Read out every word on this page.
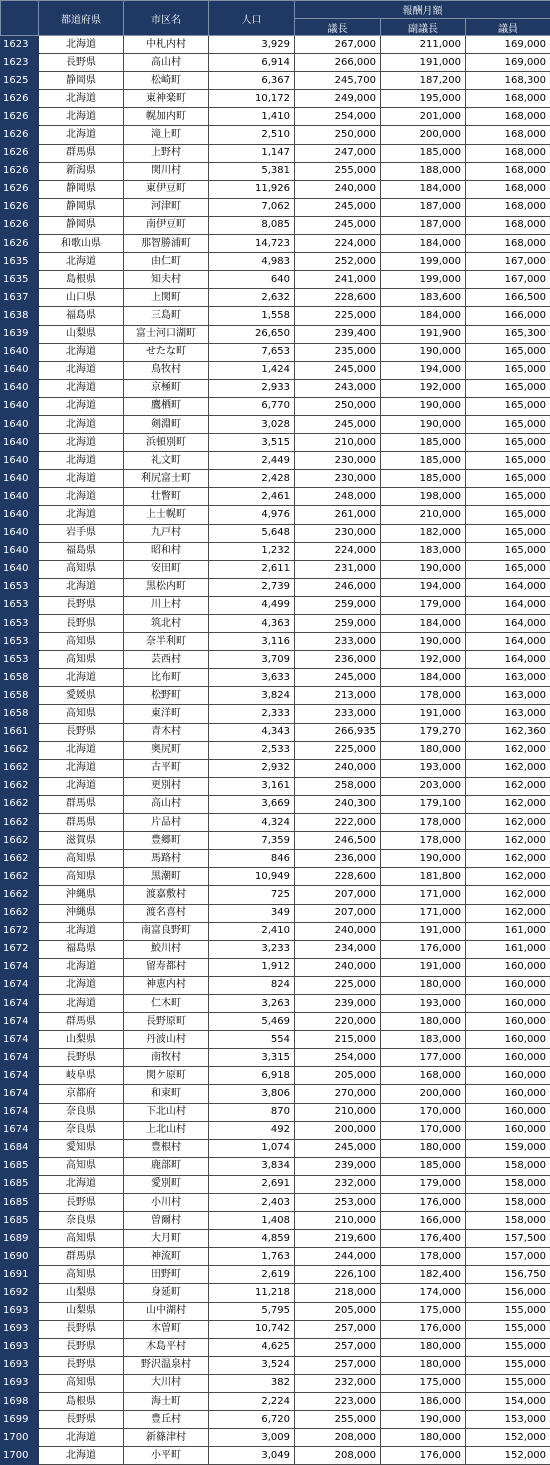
	都道府県	市区名	人口	報酬月額		
				議長	副議長	議員
1623	北海道	中札内村	3,929	267,000	211,000	169,000
1623	長野県	高山村	6,914	266,000	191,000	169,000
1625	静岡県	松崎町	6,367	245,700	187,200	168,300
1626	北海道	東神楽町	10,172	249,000	195,000	168,000
1626	北海道	幌加内町	1,410	254,000	201,000	168,000
1626	北海道	滝上町	2,510	250,000	200,000	168,000
1626	群馬県	上野村	1,147	247,000	185,000	168,000
1626	新潟県	関川村	5,381	255,000	188,000	168,000
1626	静岡県	東伊豆町	11,926	240,000	184,000	168,000
1626	静岡県	河津町	7,062	245,000	187,000	168,000
1626	静岡県	南伊豆町	8,085	245,000	187,000	168,000
1626	和歌山県	那智勝浦町	14,723	224,000	184,000	168,000
1635	北海道	由仁町	4,983	252,000	199,000	167,000
1635	島根県	知夫村	640	241,000	199,000	167,000
1637	山口県	上関町	2,632	228,600	183,600	166,500
1638	福島県	三島町	1,558	225,000	184,000	166,000
1639	山梨県	富士河口湖町	26,650	239,400	191,900	165,300
1640	北海道	せたな町	7,653	235,000	190,000	165,000
1640	北海道	鳥牧村	1,424	245,000	194,000	165,000
1640	北海道	京極町	2,933	243,000	192,000	165,000
1640	北海道	鷹栖町	6,770	250,000	190,000	165,000
1640	北海道	剣淵町	3,028	245,000	190,000	165,000
1640	北海道	浜頓別町	3,515	210,000	185,000	165,000
1640	北海道	礼文町	2,449	230,000	185,000	165,000
1640	北海道	利尻富士町	2,428	230,000	185,000	165,000
1640	北海道	壮瞥町	2,461	248,000	198,000	165,000
1640	北海道	上士幌町	4,976	261,000	210,000	165,000
1640	岩手県	九戸村	5,648	230,000	182,000	165,000
1640	福島県	昭和村	1,232	224,000	183,000	165,000
1640	高知県	安田町	2,611	231,000	190,000	165,000
1653	北海道	黒松内町	2,739	246,000	194,000	164,000
1653	長野県	川上村	4,499	259,000	179,000	164,000
1653	長野県	筑北村	4,363	259,000	184,000	164,000
1653	高知県	奈半利町	3,116	233,000	190,000	164,000
1653	高知県	芸西村	3,709	236,000	192,000	164,000
1658	北海道	比布町	3,633	245,000	184,000	163,000
1658	愛媛県	松野町	3,824	213,000	178,000	163,000
1658	高知県	東洋町	2,333	233,000	191,000	163,000
1661	長野県	青木村	4,343	266,935	179,270	162,360
1662	北海道	奥尻町	2,533	225,000	180,000	162,000
1662	北海道	古平町	2,932	240,000	193,000	162,000
1662	北海道	更別村	3,161	258,000	203,000	162,000
1662	群馬県	高山村	3,669	240,300	179,100	162,000
1662	群馬県	片品村	4,324	222,000	178,000	162,000
1662	滋賀県	豊郷町	7,359	246,500	178,000	162,000
1662	高知県	馬路村	846	236,000	190,000	162,000
1662	高知県	黒潮町	10,949	228,600	181,800	162,000
1662	沖縄県	渡嘉敷村	725	207,000	171,000	162,000
1662	沖縄県	渡名喜村	349	207,000	171,000	162,000
1672	北海道	南富良野町	2,410	240,000	191,000	161,000
1672	福島県	鮫川村	3,233	234,000	176,000	161,000
1674	北海道	留寿都村	1,912	240,000	191,000	160,000
1674	北海道	神恵内村	824	225,000	180,000	160,000
1674	北海道	仁木町	3,263	239,000	193,000	160,000
1674	群馬県	長野原町	5,469	220,000	180,000	160,000
1674	山梨県	丹波山村	554	215,000	183,000	160,000
1674	長野県	南牧村	3,315	254,000	177,000	160,000
1674	岐阜県	関ケ原町	6,918	205,000	168,000	160,000
1674	京都府	和束町	3,806	270,000	200,000	160,000
1674	奈良県	下北山村	870	210,000	170,000	160,000
1674	奈良県	上北山村	492	200,000	170,000	160,000
1684	愛知県	豊根村	1,074	245,000	180,000	159,000
1685	高知県	鹿部町	3,834	239,000	185,000	158,000
1685	北海道	愛別町	2,691	232,000	179,000	158,000
1685	長野県	小川村	2,403	253,000	176,000	158,000
1685	奈良県	曽爾村	1,408	210,000	166,000	158,000
1689	高知県	大月町	4,859	219,600	176,400	157,500
1690	群馬県	神流町	1,763	244,000	178,000	157,000
1691	高知県	田野町	2,619	226,100	182,400	156,750
1692	山梨県	身延町	11,218	218,000	174,000	156,000
1693	山梨県	山中湖村	5,795	205,000	175,000	155,000
1693	長野県	木曽町	10,742	257,000	176,000	155,000
1693	長野県	木島平村	4,625	257,000	180,000	155,000
1693	長野県	野沢温泉村	3,524	257,000	180,000	155,000
1693	高知県	大川村	382	232,000	175,000	155,000
1698	島根県	海士町	2,224	223,000	186,000	154,000
1699	長野県	豊丘村	6,720	255,000	190,000	153,000
1700	北海道	新篠津村	3,009	208,000	180,000	152,000
1700	北海道	小平町	3,049	208,000	176,000	152,000
